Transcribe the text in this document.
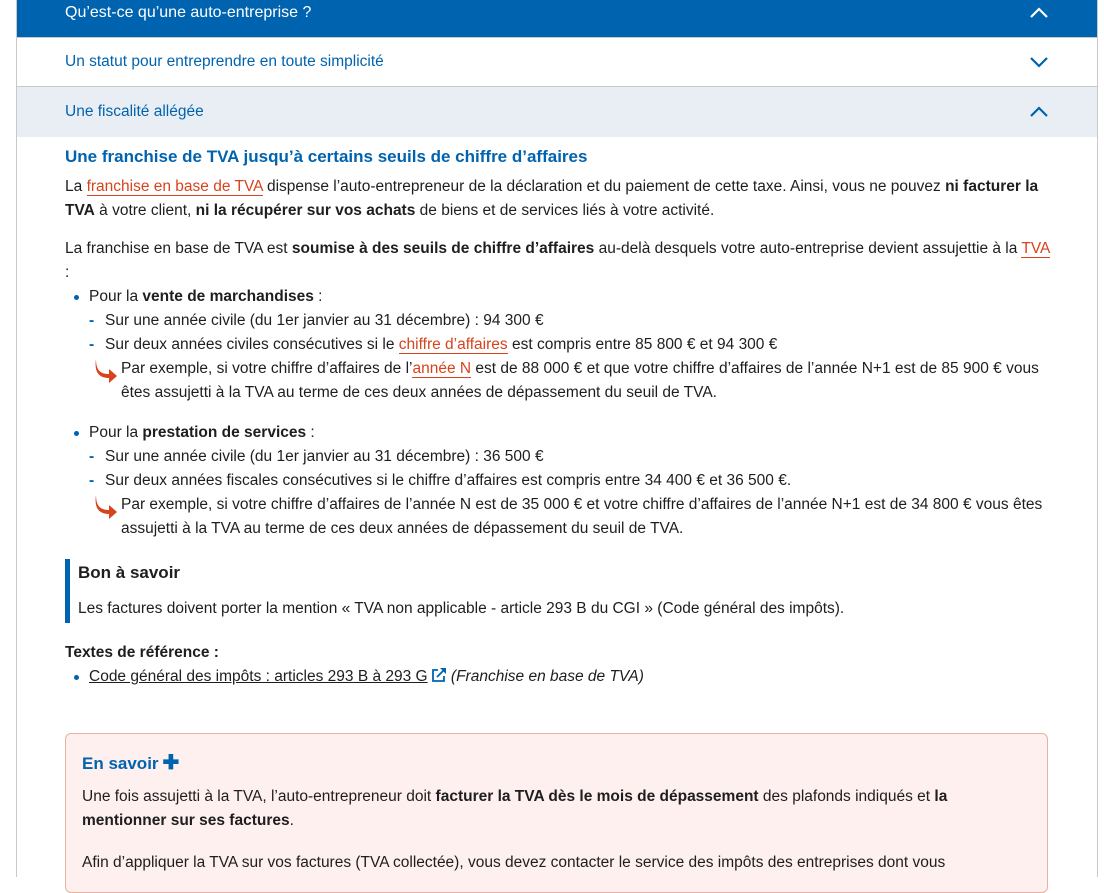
Qu’est-ce qu’une auto-entreprise ?
Un statut pour entreprendre en toute simplicité
Une fiscalité allégée
Une franchise de TVA jusqu’à certains seuils de chiffre d’affaires

La franchise en base de TVA dispense l’auto-entrepreneur de la déclaration et du paiement de cette taxe. Ainsi, vous ne pouvez ni facturer la TVA à votre client, ni la récupérer sur vos achats de biens et de services liés à votre activité.

La franchise en base de TVA est soumise à des seuils de chiffre d’affaires au-delà desquels votre auto-entreprise devient assujettie à la TVA :

Pour la vente de marchandises :
- Sur une année civile (du 1er janvier au 31 décembre) : 94 300 €
- Sur deux années civiles consécutives si le chiffre d’affaires est compris entre 85 800 € et 94 300 €
Par exemple, si votre chiffre d’affaires de l’année N est de 88 000 € et que votre chiffre d’affaires de l’année N+1 est de 85 900 € vous êtes assujetti à la TVA au terme de ces deux années de dépassement du seuil de TVA.
Pour la prestation de services :
- Sur une année civile (du 1er janvier au 31 décembre) : 36 500 €
- Sur deux années fiscales consécutives si le chiffre d’affaires est compris entre 34 400 € et 36 500 €.
Par exemple, si votre chiffre d’affaires de l’année N est de 35 000 € et votre chiffre d’affaires de l’année N+1 est de 34 800 € vous êtes assujetti à la TVA au terme de ces deux années de dépassement du seuil de TVA.
Bon à savoir

Les factures doivent porter la mention « TVA non applicable - article 293 B du CGI » (Code général des impôts).

Textes de référence :
Code général des impôts : articles 293 B à 293 G (Franchise en base de TVA)
En savoir ✚

Une fois assujetti à la TVA, l’auto-entrepreneur doit facturer la TVA dès le mois de dépassement des plafonds indiqués et la mentionner sur ses factures.

Afin d’appliquer la TVA sur vos factures (TVA collectée), vous devez contacter le service des impôts des entreprises dont vous
